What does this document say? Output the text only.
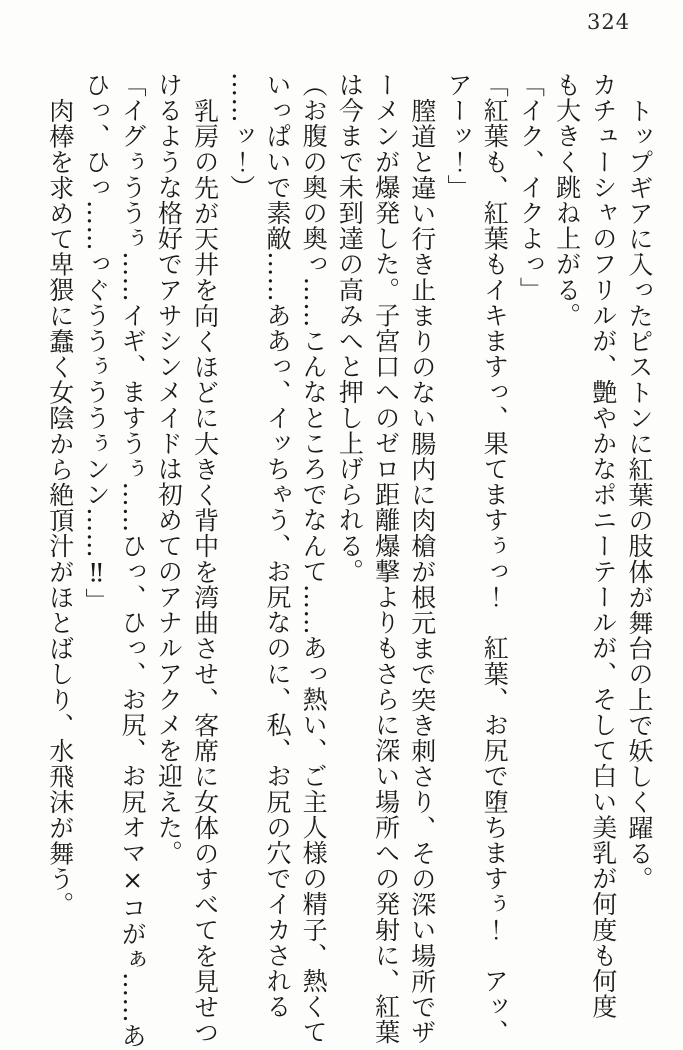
324
トップギアに入ったピストンに紅葉の肢体が舞台の上で妖しく躍る。
カチューシャのフリルが、艶やかなポニーテールが、そして白い美乳が何度も何度
も大きく跳ね上がる。
「イク、イクよっ」
「紅葉も、紅葉もイキますっ、果てますぅっ！　紅葉、お尻で堕ちますぅ！　アッ、
アーッ！」
膣道と違い行き止まりのない腸内に肉槍が根元まで突き刺さり、その深い場所でザ
ーメンが爆発した。子宮口へのゼロ距離爆撃よりもさらに深い場所への発射に、紅葉
は今まで未到達の高みへと押し上げられる。
（お腹の奥の奥っ……こんなところでなんて……あっ熱い、ご主人様の精子、熱くて
いっぱいで素敵……ああっ、イッちゃう、お尻なのに、私、お尻の穴でイカされる
……ッ！）
乳房の先が天井を向くほどに大きく背中を湾曲させ、客席に女体のすべてを見せつ
けるような格好でアサシンメイドは初めてのアナルアクメを迎えた。
「イグぅううぅ……イギ、ますうぅ……ひっ、ひっ、お尻、お尻オマ×コがぁ……あ
ひっ、ひっ……っぐううぅううぅンン……‼」
肉棒を求めて卑猥に蠢く女陰から絶頂汁がほとばしり、水飛沫が舞う。
